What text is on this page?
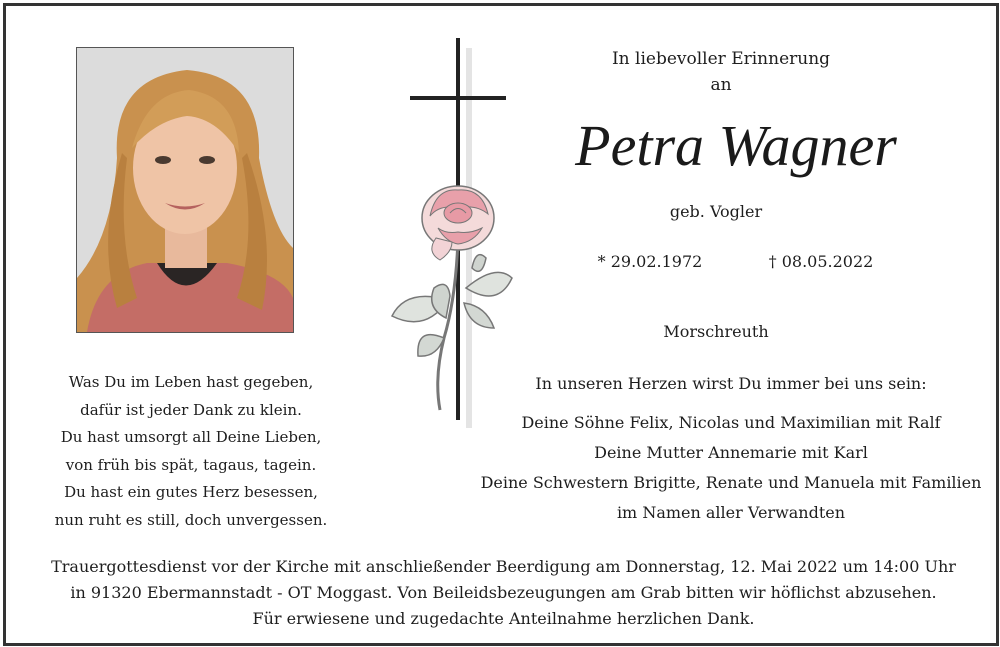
In liebevoller Erinnerung
an
Petra Wagner
geb. Vogler
* 29.02.1972	† 08.05.2022
Morschreuth
In unseren Herzen wirst Du immer bei uns sein:
Deine Söhne Felix, Nicolas und Maximilian mit Ralf
Deine Mutter Annemarie mit Karl
Deine Schwestern Brigitte, Renate und Manuela mit Familien
im Namen aller Verwandten
Was Du im Leben hast gegeben,
dafür ist jeder Dank zu klein.
Du hast umsorgt all Deine Lieben,
von früh bis spät, tagaus, tagein.
Du hast ein gutes Herz besessen,
nun ruht es still, doch unvergessen.
Trauergottesdienst vor der Kirche mit anschließender Beerdigung am Donnerstag, 12. Mai 2022 um 14:00 Uhr
in 91320 Ebermannstadt - OT Moggast. Von Beileidsbezeugungen am Grab bitten wir höflichst abzusehen.
Für erwiesene und zugedachte Anteilnahme herzlichen Dank.
